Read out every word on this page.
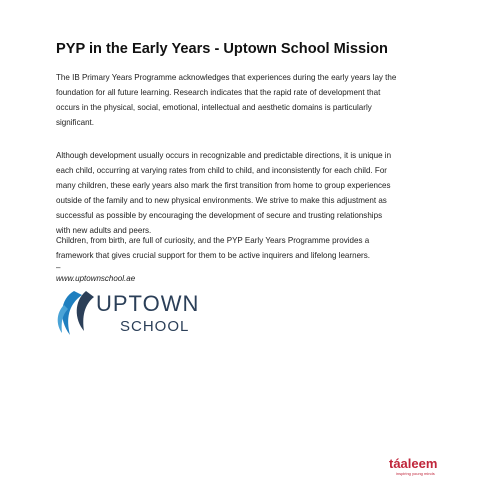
PYP in the Early Years - Uptown School Mission

The IB Primary Years Programme acknowledges that experiences during the early years lay the
foundation for all future learning. Research indicates that the rapid rate of development that
occurs in the physical, social, emotional, intellectual and aesthetic domains is particularly
significant.

Although development usually occurs in recognizable and predictable directions, it is unique in
each child, occurring at varying rates from child to child, and inconsistently for each child. For
many children, these early years also mark the first transition from home to group experiences
outside of the family and to new physical environments. We strive to make this adjustment as
successful as possible by encouraging the development of secure and trusting relationships
with new adults and peers.

Children, from birth, are full of curiosity, and the PYP Early Years Programme provides a
framework that gives crucial support for them to be active inquirers and lifelong learners.

–
www.uptownschool.ae
UPTOWN
SCHOOL
táaleem
inspiring young minds
